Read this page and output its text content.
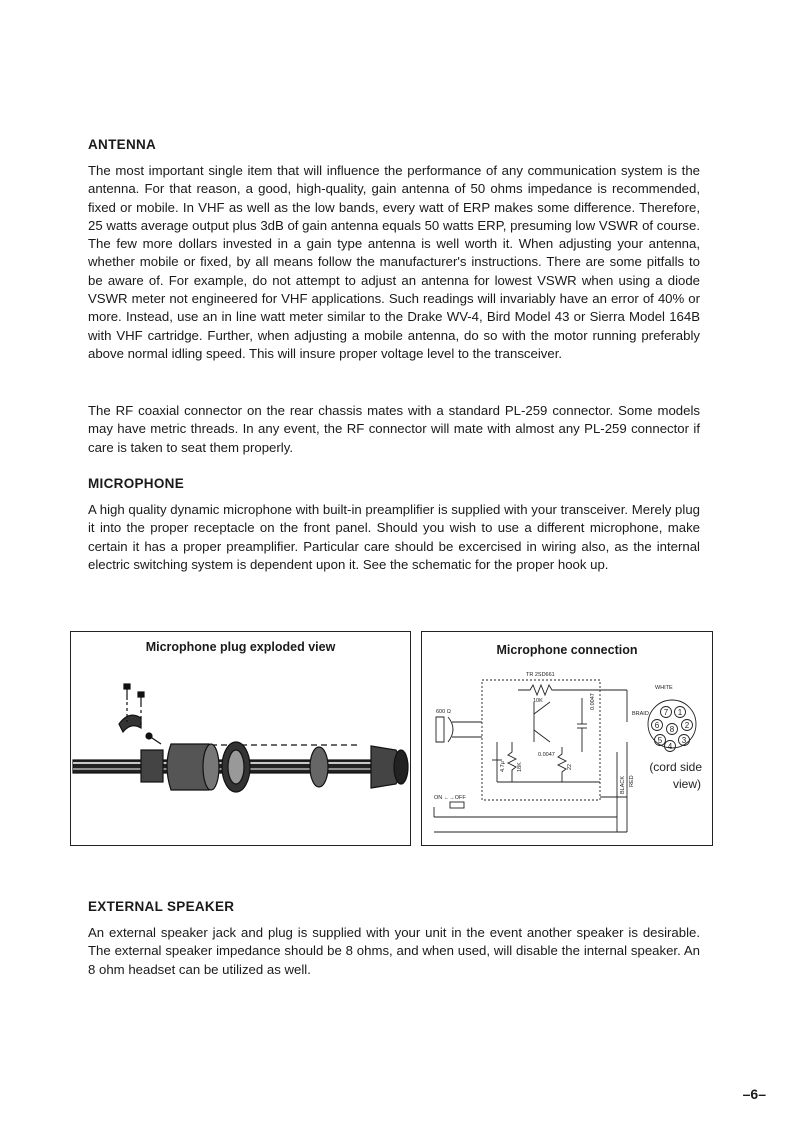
ANTENNA

The most important single item that will influence the performance of any communication system is the antenna. For that reason, a good, high-quality, gain antenna of 50 ohms impedance is recommended, fixed or mobile. In VHF as well as the low bands, every watt of ERP makes some difference. Therefore, 25 watts average output plus 3dB of gain antenna equals 50 watts ERP, presuming low VSWR of course. The few more dollars invested in a gain type antenna is well worth it. When adjusting your antenna, whether mobile or fixed, by all means follow the manufacturer's instructions. There are some pitfalls to be aware of. For example, do not attempt to adjust an antenna for lowest VSWR when using a diode VSWR meter not engineered for VHF applications. Such readings will invariably have an error of 40% or more. Instead, use an in line watt meter similar to the Drake WV-4, Bird Model 43 or Sierra Model 164B with VHF cartridge. Further, when adjusting a mobile antenna, do so with the motor running preferably above normal idling speed. This will insure proper voltage level to the transceiver.

The RF coaxial connector on the rear chassis mates with a standard PL-259 connector. Some models may have metric threads. In any event, the RF connector will mate with almost any PL-259 connector if care is taken to seat them properly.

MICROPHONE

A high quality dynamic microphone with built-in preamplifier is supplied with your transceiver. Merely plug it into the proper receptacle on the front panel. Should you wish to use a different microphone, make certain it has a proper preamplifier. Particular care should be excercised in wiring also, as the internal electric switching system is dependent upon it. See the schematic for the proper hook up.

Microphone plug exploded view	Microphone connection
7 1
6 8 2
5
4
3
TR 2SD661
10K
600 Ω
0.0047
0.0047
4.7μ 18K	22
WHITE
BRAID
BLACK RED
ON ←→OFF
(cord side
view)
EXTERNAL SPEAKER

An external speaker jack and plug is supplied with your unit in the event another speaker is desirable. The external speaker impedance should be 8 ohms, and when used, will disable the internal speaker. An 8 ohm headset can be utilized as well.

–6–
